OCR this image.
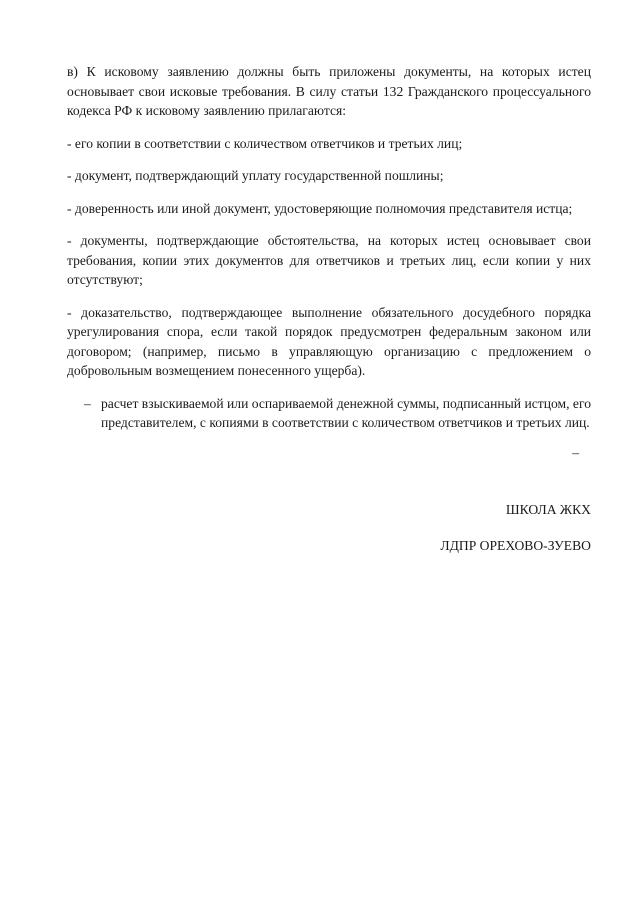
в) К исковому заявлению должны быть приложены документы, на которых истец основывает свои исковые требования. В силу статьи 132 Гражданского процессуального кодекса РФ к исковому заявлению прилагаются:

- его копии в соответствии с количеством ответчиков и третьих лиц;

- документ, подтверждающий уплату государственной пошлины;

- доверенность или иной документ, удостоверяющие полномочия представителя истца;

- документы, подтверждающие обстоятельства, на которых истец основывает свои требования, копии этих документов для ответчиков и третьих лиц, если копии у них отсутствуют;

- доказательство, подтверждающее выполнение обязательного досудебного порядка урегулирования спора, если такой порядок предусмотрен федеральным законом или договором; (например, письмо в управляющую организацию с предложением о добровольным возмещением понесенного ущерба).

– расчет взыскиваемой или оспариваемой денежной суммы, подписанный истцом, его представителем, с копиями в соответствии с количеством ответчиков и третьих лиц.
–

ШКОЛА ЖКХ

ЛДПР ОРЕХОВО-ЗУЕВО
